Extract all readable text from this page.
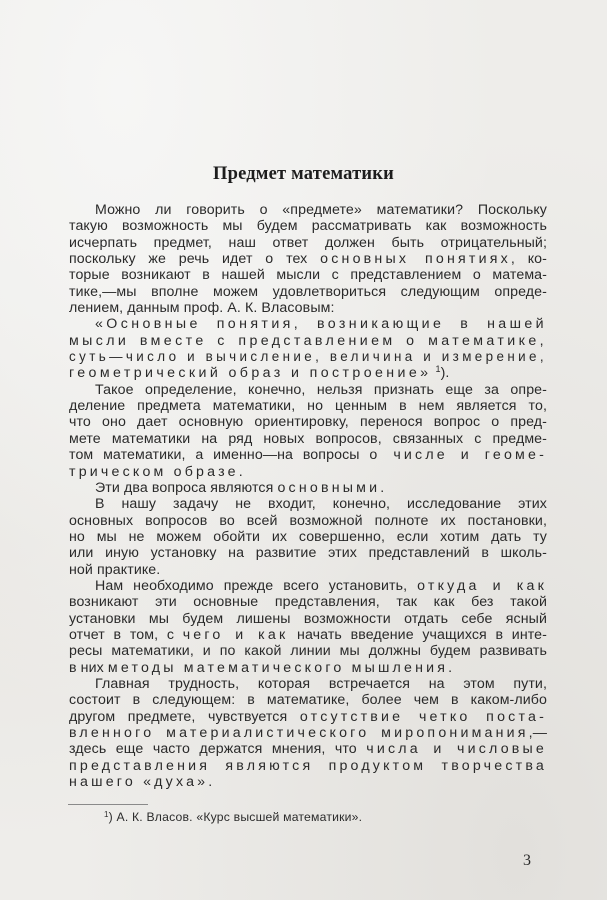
Предмет математики
Можно ли говорить о «предмете» математики? Поскольку
такую возможность мы будем рассматривать как возможность
исчерпать предмет, наш ответ должен быть отрицательный;
поскольку же речь идет о тех основных понятиях, ко-
торые возникают в нашей мысли с представлением о матема-
тике,—мы вполне можем удовлетвориться следующим опреде-
лением, данным проф. А. К. Власовым:
«Основные понятия, возникающие в нашей
мысли вместе с представлением о математике,
суть—число и вычисление, величина и измерение,
геометрический образ и построение» $^1$).
Такое определение, конечно, нельзя признать еще за опре-
деление предмета математики, но ценным в нем является то,
что оно дает основную ориентировку, перенося вопрос о пред-
мете математики на ряд новых вопросов, связанных с предме-
том математики, а именно—на вопросы о числе и геоме-
трическом образе.
Эти два вопроса являются основными.
В нашу задачу не входит, конечно, исследование этих
основных вопросов во всей возможной полноте их постановки,
но мы не можем обойти их совершенно, если хотим дать ту
или иную установку на развитие этих представлений в школь-
ной практике.
Нам необходимо прежде всего установить, откуда и как
возникают эти основные представления, так как без такой
установки мы будем лишены возможности отдать себе ясный
отчет в том, с чего и как начать введение учащихся в инте-
ресы математики, и по какой линии мы должны будем развивать
в них методы математического мышления.
Главная трудность, которая встречается на этом пути,
состоит в следующем: в математике, более чем в каком-либо
другом предмете, чувствуется отсутствие четко поста-
вленного материалистического миропонимания,—
здесь еще часто держатся мнения, что числа и числовые
представления являются продуктом творчества
нашего «духа».
$^1$) А. К. Власов. «Курс высшей математики».
3
